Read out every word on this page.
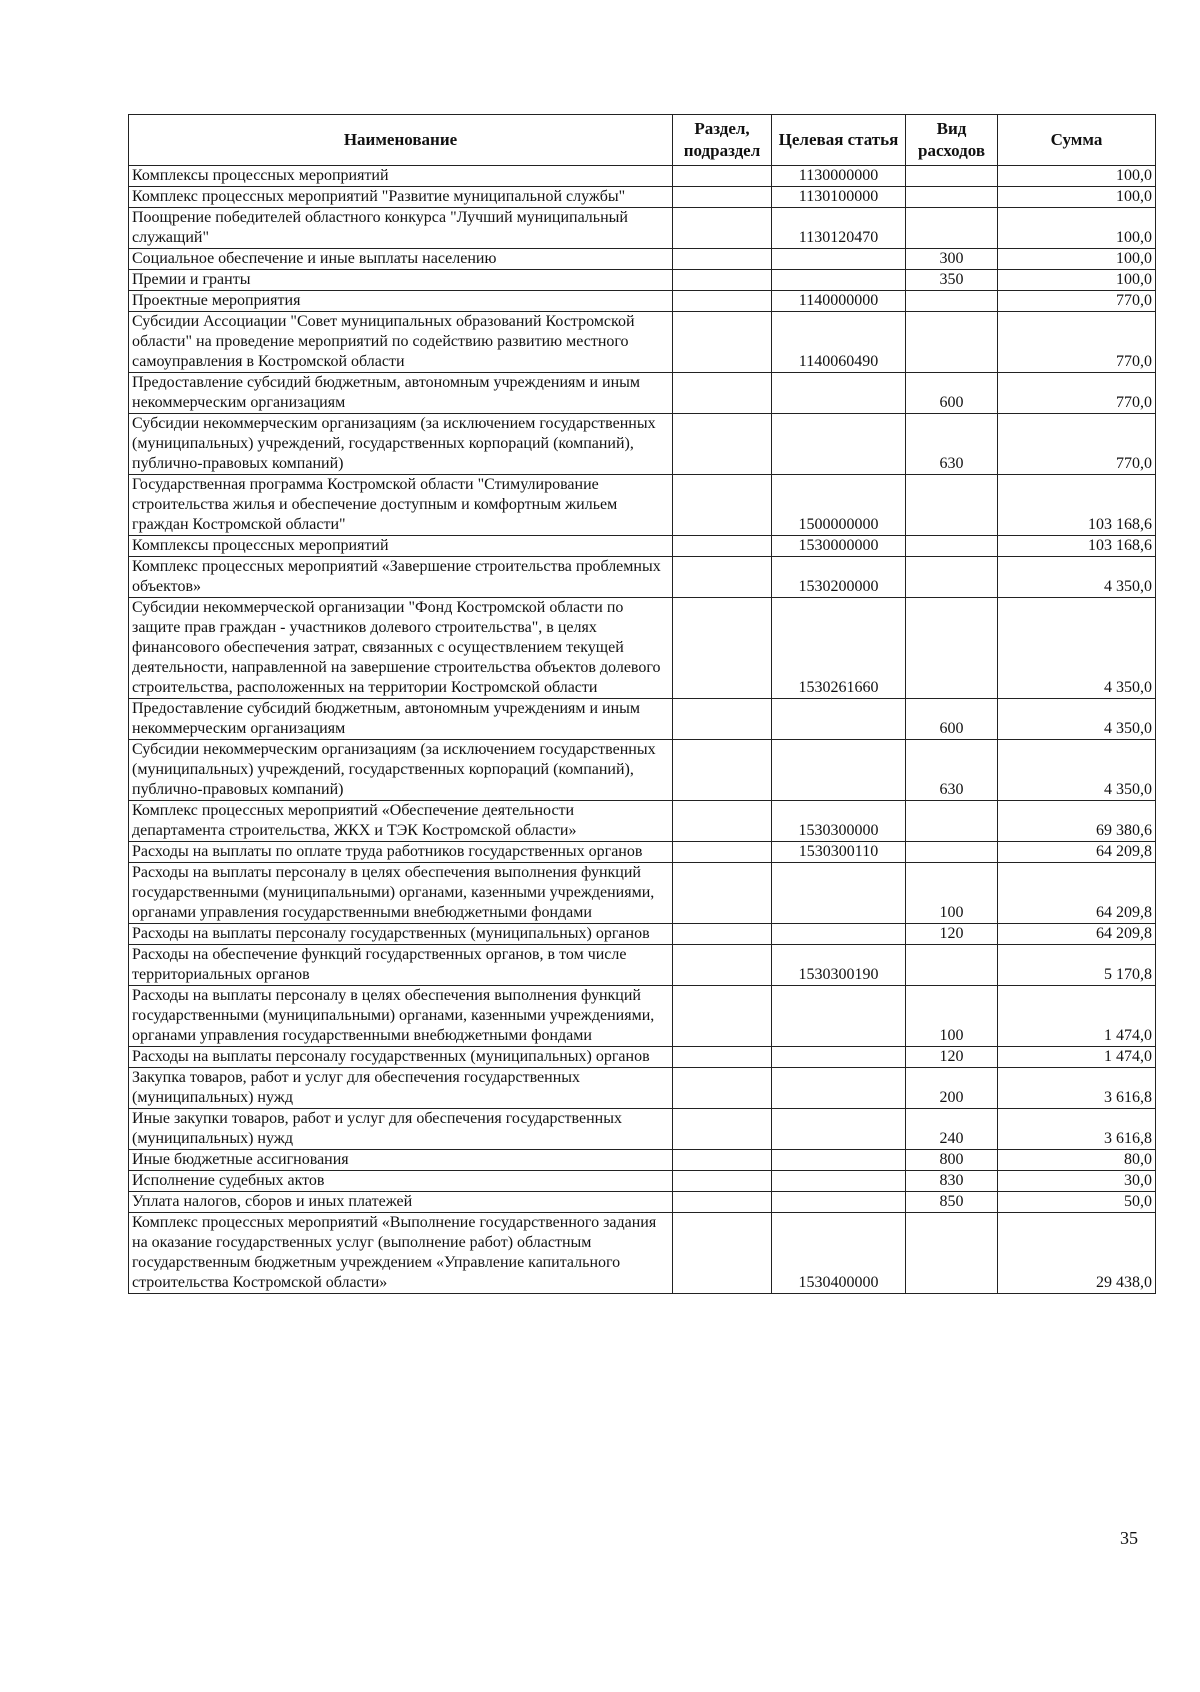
Наименование	Раздел, подраздел	Целевая статья	Вид расходов	Сумма
Комплексы процессных мероприятий		1130000000		100,0
Комплекс процессных мероприятий "Развитие муниципальной службы"		1130100000		100,0
Поощрение победителей областного конкурса "Лучший муниципальный служащий"		1130120470		100,0
Социальное обеспечение и иные выплаты населению			300	100,0
Премии и гранты			350	100,0
Проектные мероприятия		1140000000		770,0
Субсидии Ассоциации "Совет муниципальных образований Костромской области" на проведение мероприятий по содействию развитию местного самоуправления в Костромской области		1140060490		770,0
Предоставление субсидий бюджетным, автономным учреждениям и иным некоммерческим организациям			600	770,0
Субсидии некоммерческим организациям (за исключением государственных (муниципальных) учреждений, государственных корпораций (компаний), публично-правовых компаний)			630	770,0
Государственная программа Костромской области "Стимулирование строительства жилья и обеспечение доступным и комфортным жильем граждан Костромской области"		1500000000		103 168,6
Комплексы процессных мероприятий		1530000000		103 168,6
Комплекс процессных мероприятий «Завершение строительства проблемных объектов»		1530200000		4 350,0
Субсидии некоммерческой организации "Фонд Костромской области по защите прав граждан - участников долевого строительства", в целях финансового обеспечения затрат, связанных с осуществлением текущей деятельности, направленной на завершение строительства объектов долевого строительства, расположенных на территории Костромской области		1530261660		4 350,0
Предоставление субсидий бюджетным, автономным учреждениям и иным некоммерческим организациям			600	4 350,0
Субсидии некоммерческим организациям (за исключением государственных (муниципальных) учреждений, государственных корпораций (компаний), публично-правовых компаний)			630	4 350,0
Комплекс процессных мероприятий «Обеспечение деятельности департамента строительства, ЖКХ и ТЭК Костромской области»		1530300000		69 380,6
Расходы на выплаты по оплате труда работников государственных органов		1530300110		64 209,8
Расходы на выплаты персоналу в целях обеспечения выполнения функций государственными (муниципальными) органами, казенными учреждениями, органами управления государственными внебюджетными фондами			100	64 209,8
Расходы на выплаты персоналу государственных (муниципальных) органов			120	64 209,8
Расходы на обеспечение функций государственных органов, в том числе территориальных органов		1530300190		5 170,8
Расходы на выплаты персоналу в целях обеспечения выполнения функций государственными (муниципальными) органами, казенными учреждениями, органами управления государственными внебюджетными фондами			100	1 474,0
Расходы на выплаты персоналу государственных (муниципальных) органов			120	1 474,0
Закупка товаров, работ и услуг для обеспечения государственных (муниципальных) нужд			200	3 616,8
Иные закупки товаров, работ и услуг для обеспечения государственных (муниципальных) нужд			240	3 616,8
Иные бюджетные ассигнования			800	80,0
Исполнение судебных актов			830	30,0
Уплата налогов, сборов и иных платежей			850	50,0
Комплекс процессных мероприятий «Выполнение государственного задания на оказание государственных услуг (выполнение работ) областным государственным бюджетным учреждением «Управление капитального строительства Костромской области»		1530400000		29 438,0
35
